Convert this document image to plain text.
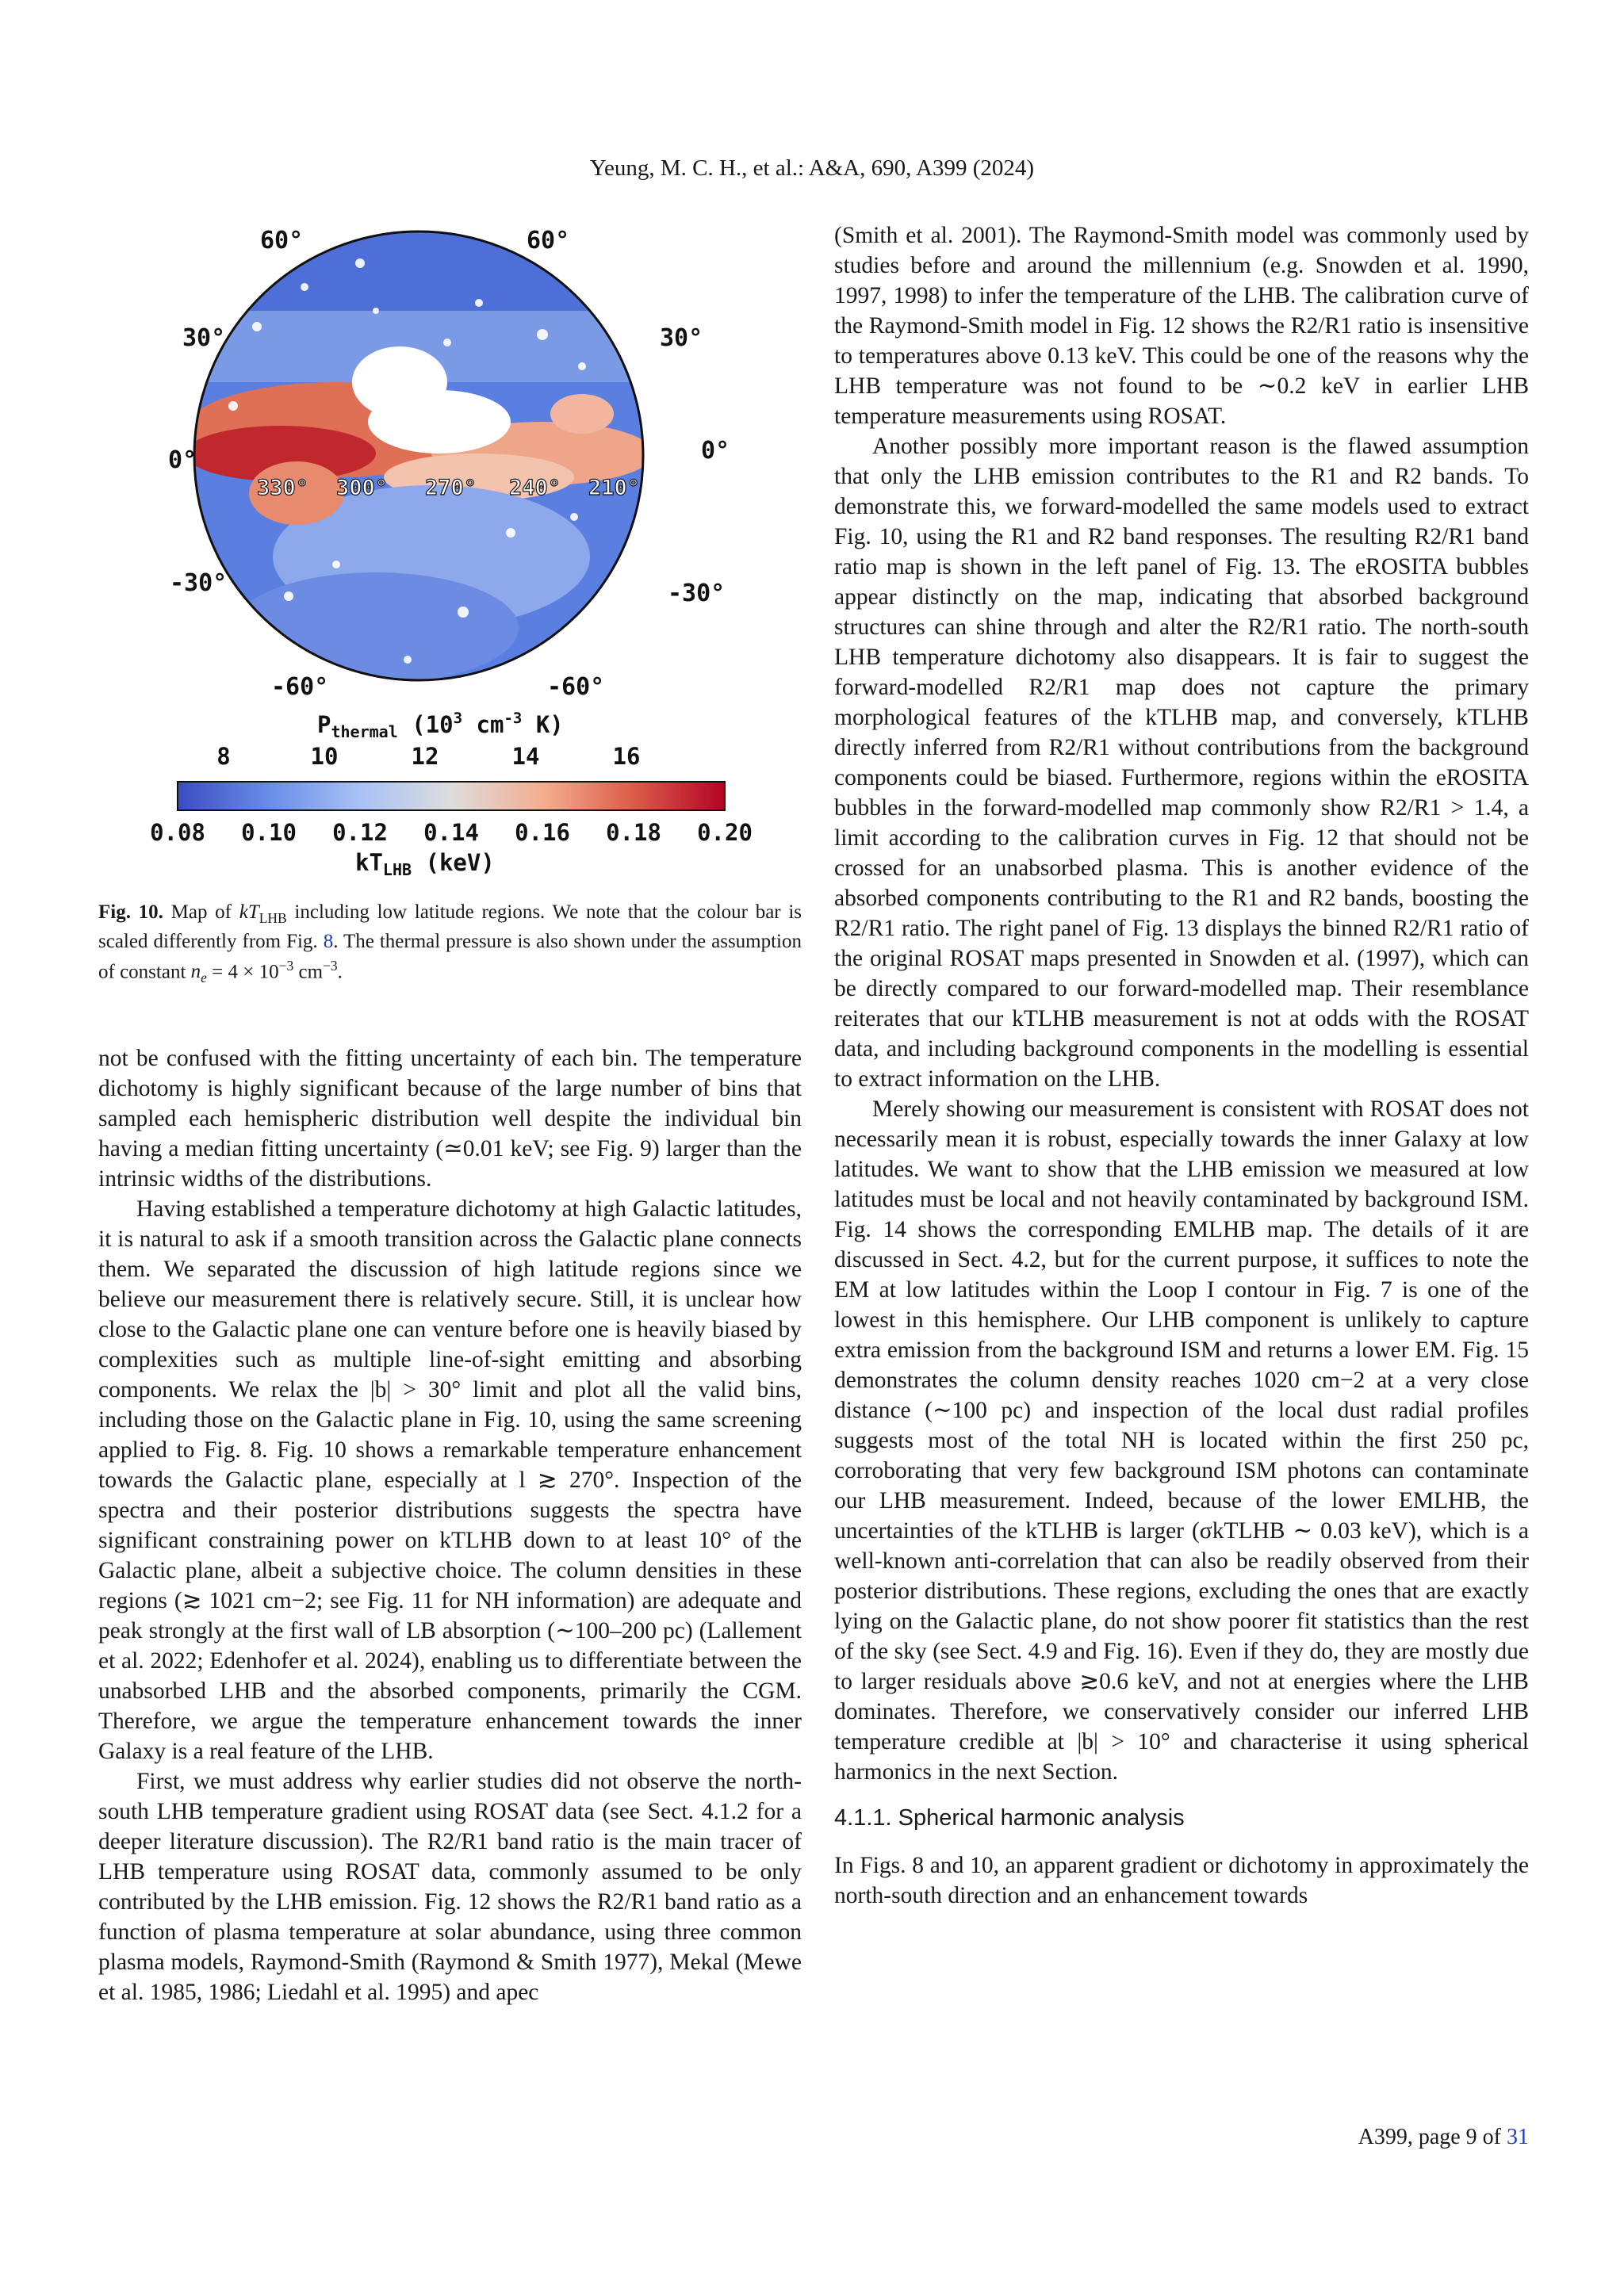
Yeung, M. C. H., et al.: A&A, 690, A399 (2024)
60°
30°
0°
-30°
-60°
60°
30°
0°
-30°
-60°
330° 300° 270° 240° 210°
$P_{thermal}$ ($10^3$ $cm^{-3}$ K)
8	10	12	14	16
0.08 0.10 0.12 0.14 0.16 0.18 0.20
$kT_{LHB}$ (keV)
Fig. 10. Map of $kT_{LHB}$ including low latitude regions. We note that the colour bar is scaled differently from Fig. 8. The thermal pressure is also shown under the assumption of constant $n_e = 4 \times 10^{-3}$ $cm^{-3}$.

not be confused with the fitting uncertainty of each bin. The temperature dichotomy is highly significant because of the large number of bins that sampled each hemispheric distribution well despite the individual bin having a median fitting uncertainty (≃0.01 keV; see Fig. 9) larger than the intrinsic widths of the distributions.

Having established a temperature dichotomy at high Galactic latitudes, it is natural to ask if a smooth transition across the Galactic plane connects them. We separated the discussion of high latitude regions since we believe our measurement there is relatively secure. Still, it is unclear how close to the Galactic plane one can venture before one is heavily biased by complexities such as multiple line-of-sight emitting and absorbing components. We relax the |b| > 30° limit and plot all the valid bins, including those on the Galactic plane in Fig. 10, using the same screening applied to Fig. 8. Fig. 10 shows a remarkable temperature enhancement towards the Galactic plane, especially at l ≳ 270°. Inspection of the spectra and their posterior distributions suggests the spectra have significant constraining power on kTLHB down to at least 10° of the Galactic plane, albeit a subjective choice. The column densities in these regions (≳ 1021 cm−2; see Fig. 11 for NH information) are adequate and peak strongly at the first wall of LB absorption (∼100–200 pc) (Lallement et al. 2022; Edenhofer et al. 2024), enabling us to differentiate between the unabsorbed LHB and the absorbed components, primarily the CGM. Therefore, we argue the temperature enhancement towards the inner Galaxy is a real feature of the LHB.

First, we must address why earlier studies did not observe the north-south LHB temperature gradient using ROSAT data (see Sect. 4.1.2 for a deeper literature discussion). The R2/R1 band ratio is the main tracer of LHB temperature using ROSAT data, commonly assumed to be only contributed by the LHB emission. Fig. 12 shows the R2/R1 band ratio as a function of plasma temperature at solar abundance, using three common plasma models, Raymond-Smith (Raymond & Smith 1977), Mekal (Mewe et al. 1985, 1986; Liedahl et al. 1995) and apec

(Smith et al. 2001). The Raymond-Smith model was commonly used by studies before and around the millennium (e.g. Snowden et al. 1990, 1997, 1998) to infer the temperature of the LHB. The calibration curve of the Raymond-Smith model in Fig. 12 shows the R2/R1 ratio is insensitive to temperatures above 0.13 keV. This could be one of the reasons why the LHB temperature was not found to be ∼0.2 keV in earlier LHB temperature measurements using ROSAT.

Another possibly more important reason is the flawed assumption that only the LHB emission contributes to the R1 and R2 bands. To demonstrate this, we forward-modelled the same models used to extract Fig. 10, using the R1 and R2 band responses. The resulting R2/R1 band ratio map is shown in the left panel of Fig. 13. The eROSITA bubbles appear distinctly on the map, indicating that absorbed background structures can shine through and alter the R2/R1 ratio. The north-south LHB temperature dichotomy also disappears. It is fair to suggest the forward-modelled R2/R1 map does not capture the primary morphological features of the kTLHB map, and conversely, kTLHB directly inferred from R2/R1 without contributions from the background components could be biased. Furthermore, regions within the eROSITA bubbles in the forward-modelled map commonly show R2/R1 > 1.4, a limit according to the calibration curves in Fig. 12 that should not be crossed for an unabsorbed plasma. This is another evidence of the absorbed components contributing to the R1 and R2 bands, boosting the R2/R1 ratio. The right panel of Fig. 13 displays the binned R2/R1 ratio of the original ROSAT maps presented in Snowden et al. (1997), which can be directly compared to our forward-modelled map. Their resemblance reiterates that our kTLHB measurement is not at odds with the ROSAT data, and including background components in the modelling is essential to extract information on the LHB.

Merely showing our measurement is consistent with ROSAT does not necessarily mean it is robust, especially towards the inner Galaxy at low latitudes. We want to show that the LHB emission we measured at low latitudes must be local and not heavily contaminated by background ISM. Fig. 14 shows the corresponding EMLHB map. The details of it are discussed in Sect. 4.2, but for the current purpose, it suffices to note the EM at low latitudes within the Loop I contour in Fig. 7 is one of the lowest in this hemisphere. Our LHB component is unlikely to capture extra emission from the background ISM and returns a lower EM. Fig. 15 demonstrates the column density reaches 1020 cm−2 at a very close distance (∼100 pc) and inspection of the local dust radial profiles suggests most of the total NH is located within the first 250 pc, corroborating that very few background ISM photons can contaminate our LHB measurement. Indeed, because of the lower EMLHB, the uncertainties of the kTLHB is larger (σkTLHB ∼ 0.03 keV), which is a well-known anti-correlation that can also be readily observed from their posterior distributions. These regions, excluding the ones that are exactly lying on the Galactic plane, do not show poorer fit statistics than the rest of the sky (see Sect. 4.9 and Fig. 16). Even if they do, they are mostly due to larger residuals above ≳0.6 keV, and not at energies where the LHB dominates. Therefore, we conservatively consider our inferred LHB temperature credible at |b| > 10° and characterise it using spherical harmonics in the next Section.

4.1.1. Spherical harmonic analysis

In Figs. 8 and 10, an apparent gradient or dichotomy in approximately the north-south direction and an enhancement towards

A399, page 9 of 31
